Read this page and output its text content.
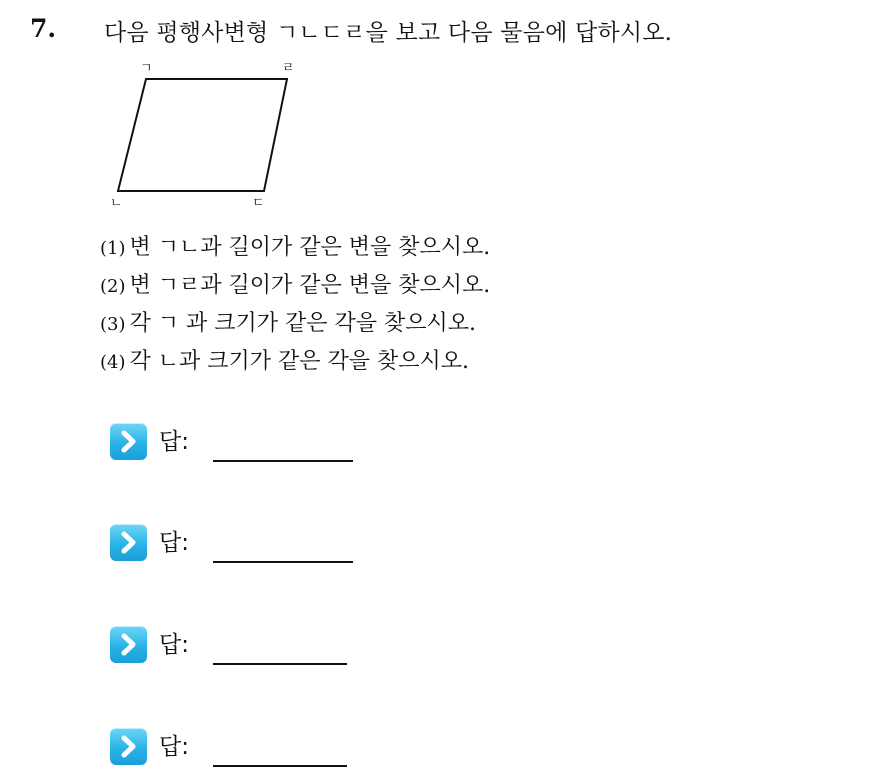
7. 다음 평행사변형 ㄱㄴㄷㄹ을 보고 다음 물음에 답하시오.
ㄱ	ㄹ
ㄴ	ㄷ
(1) 변 ㄱㄴ과 길이가 같은 변을 찾으시오.
(2) 변 ㄱㄹ과 길이가 같은 변을 찾으시오.
(3) 각 ㄱ 과 크기가 같은 각을 찾으시오.
(4) 각 ㄴ과 크기가 같은 각을 찾으시오.
답:
답:
답:
답:
